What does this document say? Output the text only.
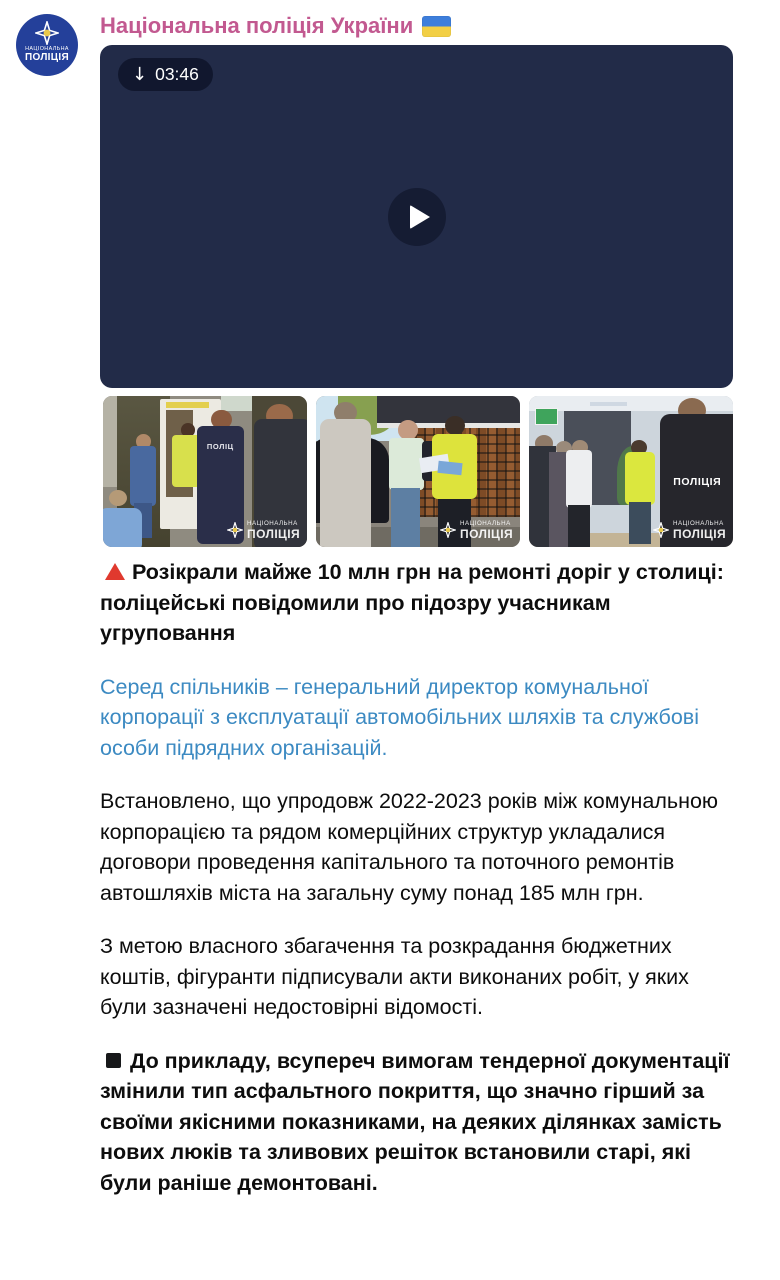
НАЦІОНАЛЬНА
ПОЛІЦІЯ
Національна поліція України
↓ 03:46
ПОЛІЦ
НАЦІОНАЛЬНА
ПОЛІЦІЯ
НАЦІОНАЛЬНА
ПОЛІЦІЯ
ПОЛІЦІЯ
НАЦІОНАЛЬНА
ПОЛІЦІЯ

Розікрали майже 10 млн грн на ремонті доріг у столиці: поліцейські повідомили про підозру учасникам угруповання

Серед спільників – генеральний директор комунальної корпорації з експлуатації автомобільних шляхів та службові особи підрядних організацій.

Встановлено, що упродовж 2022-2023 років між комунальною корпорацією та рядом комерційних структур укладалися договори проведення капітального та поточного ремонтів автошляхів міста на загальну суму понад 185 млн грн.

З метою власного збагачення та розкрадання бюджетних коштів, фігуранти підписували акти виконаних робіт, у яких були зазначені недостовірні відомості.

До прикладу, всупереч вимогам тендерної документації змінили тип асфальтного покриття, що значно гірший за своїми якісними показниками, на деяких ділянках замість нових люків та зливових решіток встановили старі, які були раніше демонтовані.
